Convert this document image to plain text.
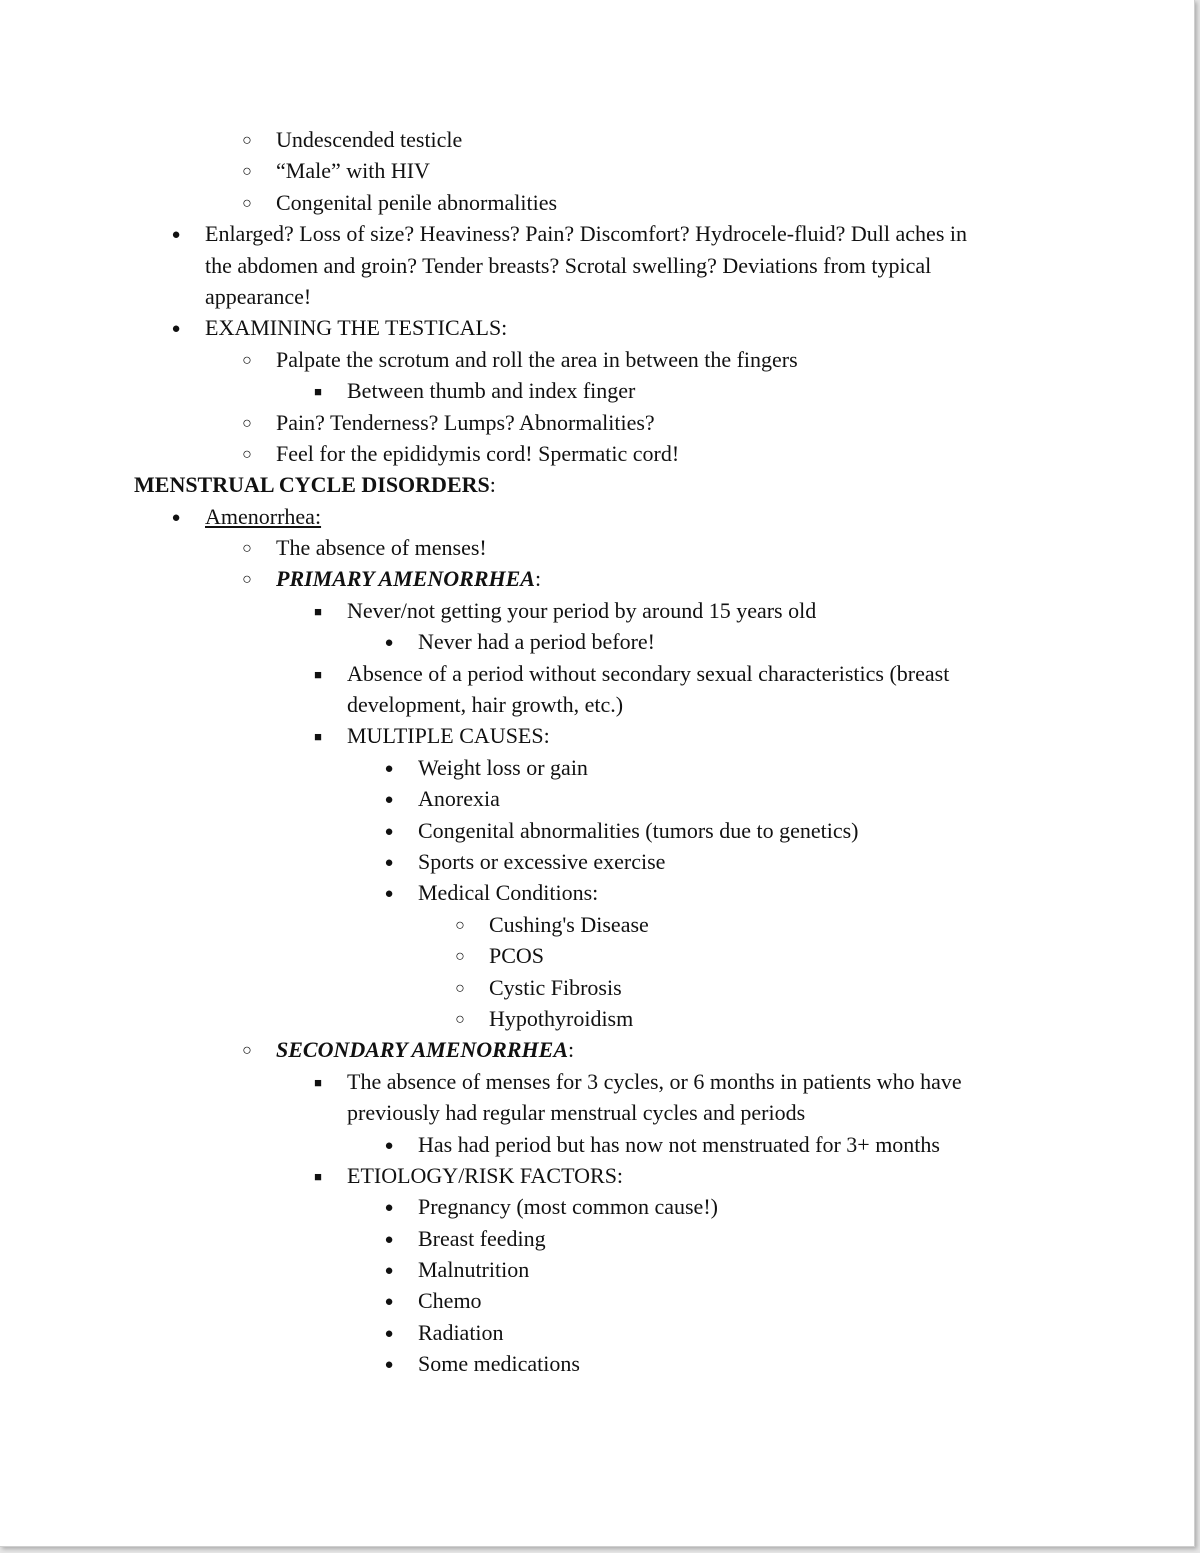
○
Undescended testicle
○
“Male” with HIV
○
Congenital penile abnormalities
●
Enlarged? Loss of size? Heaviness? Pain? Discomfort? Hydrocele-fluid? Dull aches in
the abdomen and groin? Tender breasts? Scrotal swelling? Deviations from typical
appearance!
●
EXAMINING THE TESTICALS:
○
Palpate the scrotum and roll the area in between the fingers
■
Between thumb and index finger
○
Pain? Tenderness? Lumps? Abnormalities?
○
Feel for the epididymis cord! Spermatic cord!
MENSTRUAL CYCLE DISORDERS:
●
Amenorrhea:
○
The absence of menses!
○
PRIMARY AMENORRHEA:
■
Never/not getting your period by around 15 years old
●
Never had a period before!
■
Absence of a period without secondary sexual characteristics (breast
development, hair growth, etc.)
■
MULTIPLE CAUSES:
●
Weight loss or gain
●
Anorexia
●
Congenital abnormalities (tumors due to genetics)
●
Sports or excessive exercise
●
Medical Conditions:
○
Cushing's Disease
○
PCOS
○
Cystic Fibrosis
○
Hypothyroidism
○
SECONDARY AMENORRHEA:
■
The absence of menses for 3 cycles, or 6 months in patients who have
previously had regular menstrual cycles and periods
●
Has had period but has now not menstruated for 3+ months
■
ETIOLOGY/RISK FACTORS:
●
Pregnancy (most common cause!)
●
Breast feeding
●
Malnutrition
●
Chemo
●
Radiation
●
Some medications
